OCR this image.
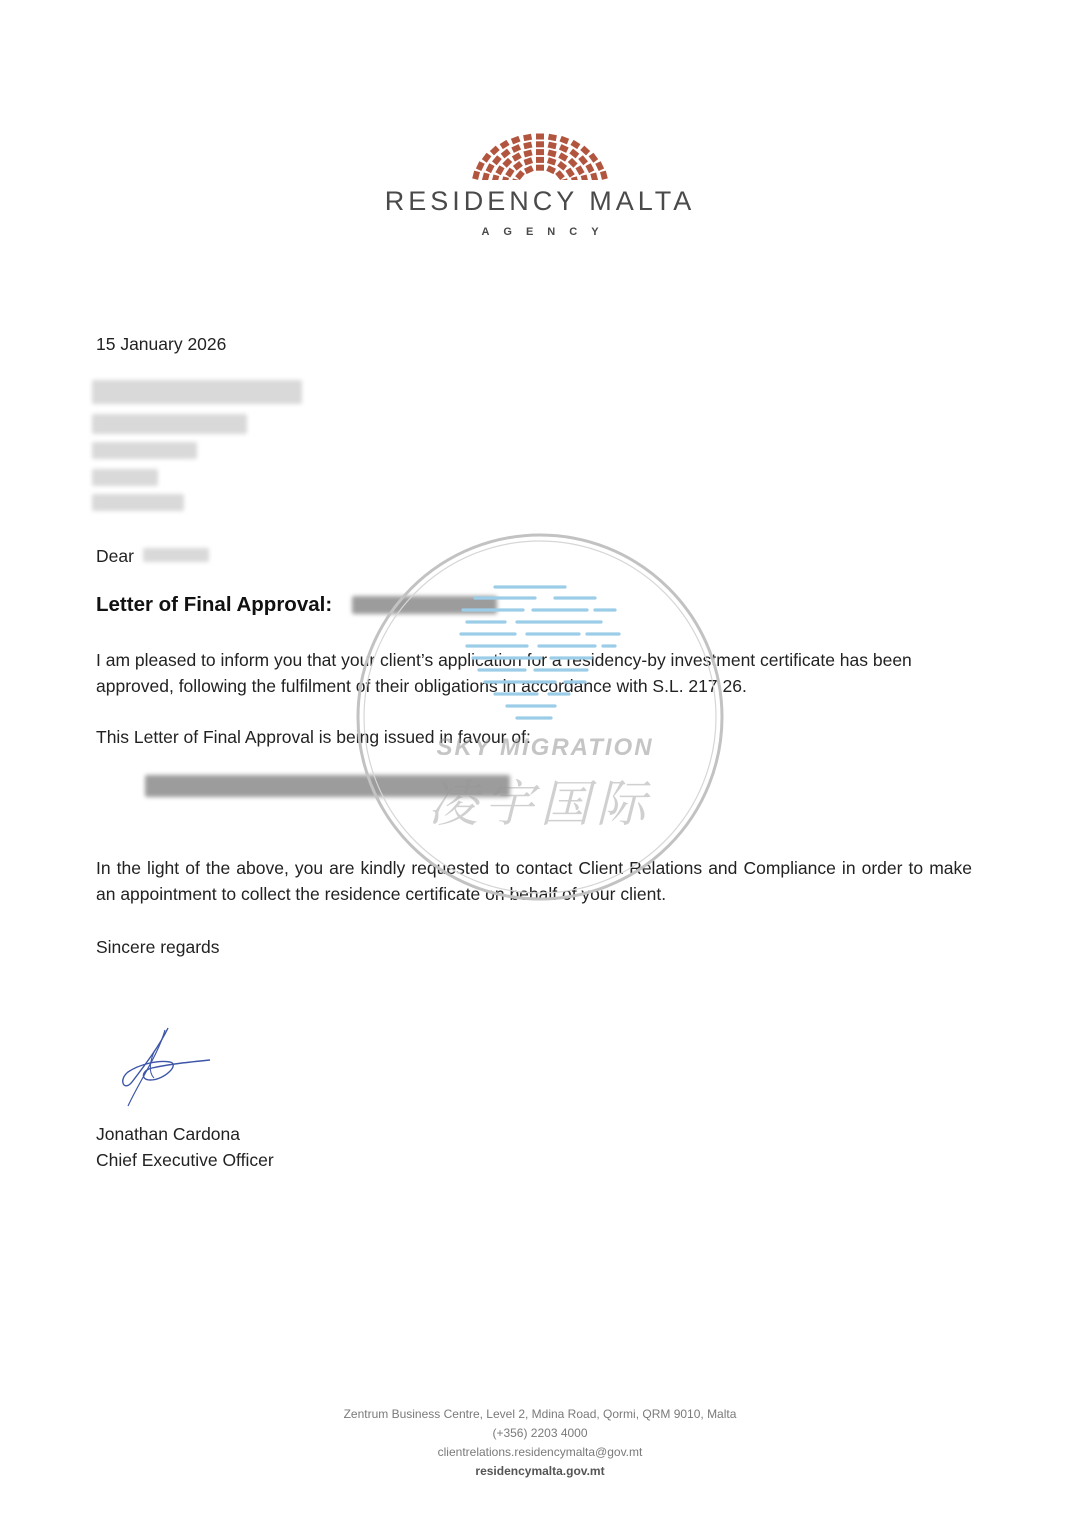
RESIDENCY MALTA
AGENCY
15 January 2026
Dear
Letter of Final Approval:
I am pleased to inform you that your client’s application for a residency-by investment certificate has been approved, following the fulfilment of their obligations in accordance with S.L. 217.26.
This Letter of Final Approval is being issued in favour of:
In the light of the above, you are kindly requested to contact Client Relations and Compliance in order to make an appointment to collect the residence certificate on behalf of your client.
Sincere regards
Jonathan Cardona
Chief Executive Officer
SKY MIGRATION
凌宇国际
Zentrum Business Centre, Level 2, Mdina Road, Qormi, QRM 9010, Malta
(+356) 2203 4000
clientrelations.residencymalta@gov.mt
residencymalta.gov.mt
